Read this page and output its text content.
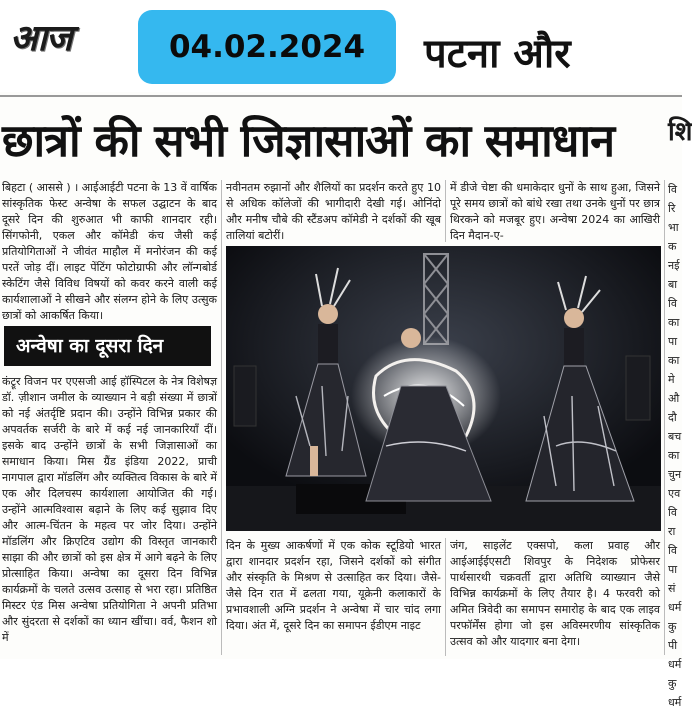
आज	04.02.2024	पटना और
छात्रों की सभी जिज्ञासाओं का समाधान	शि

बिहटा ( आससे ) । आईआईटी पटना के 13 वें वार्षिक सांस्कृतिक फेस्ट अन्वेषा के सफल उद्घाटन के बाद दूसरे दिन की शुरुआत भी काफी शानदार रही। सिंगफोनी, एकल और कॉमेडी कंच जैसी कई प्रतियोगिताओं ने जीवंत माहौल में मनोरंजन की कई परतें जोड़ दीं। लाइट पेंटिंग फोटोग्राफी और लॉन्गबोर्ड स्केटिंग जैसे विविध विषयों को कवर करने वाली कई कार्यशालाओं ने सीखने और संलग्न होने के लिए उत्सुक छात्रों को आकर्षित किया।

कंट्रूर विजन पर एएसजी आई हॉस्पिटल के नेत्र विशेषज्ञ डॉ. ज़ीशान जमील के व्याख्यान ने बड़ी संख्या में छात्रों को नई अंतर्दृष्टि प्रदान की। उन्होंने विभिन्न प्रकार की अपवर्तक सर्जरी के बारे में कई नई जानकारियाँ दीं। इसके बाद उन्होंने छात्रों के सभी जिज्ञासाओं का समाधान किया। मिस ग्रैंड इंडिया 2022, प्राची नागपाल द्वारा मॉडलिंग और व्यक्तित्व विकास के बारे में एक और दिलचस्प कार्यशाला आयोजित की गई। उन्होंने आत्मविश्वास बढ़ाने के लिए कई सुझाव दिए और आत्म-चिंतन के महत्व पर जोर दिया। उन्होंने मॉडलिंग और क्रिएटिव उद्योग की विस्तृत जानकारी साझा की और छात्रों को इस क्षेत्र में आगे बढ़ने के लिए प्रोत्साहित किया। अन्वेषा का दूसरा दिन विभिन्न कार्यक्रमों के चलते उत्सव उत्साह से भरा रहा। प्रतिष्ठित मिस्टर एंड मिस अन्वेषा प्रतियोगिता ने अपनी प्रतिभा और सुंदरता से दर्शकों का ध्यान खींचा। वर्व, फैशन शो में

अन्वेषा का दूसरा दिन
नवीनतम रुझानों और शैलियों का प्रदर्शन करते हुए 10 से अधिक कॉलेजों की भागीदारी देखी गई। ओनिंदो और मनीष चौबे की स्टैंडअप कॉमेडी ने दर्शकों की खूब तालियां बटोरीं।
में डीजे चेष्टा की धमाकेदार धुनों के साथ हुआ, जिसने पूरे समय छात्रों को बांधे रखा तथा उनके धुनों पर छात्र थिरकने को मजबूर हुए। अन्वेषा 2024 का आखिरी दिन मैदान-ए-
दिन के मुख्य आकर्षणों में एक कोक स्टूडियो भारत द्वारा शानदार प्रदर्शन रहा, जिसने दर्शकों को संगीत और संस्कृति के मिश्रण से उत्साहित कर दिया। जैसे-जैसे दिन रात में ढलता गया, यूक्रेनी कलाकारों के प्रभावशाली अग्नि प्रदर्शन ने अन्वेषा में चार चांद लगा दिया। अंत में, दूसरे दिन का समापन ईडीएम नाइट
जंग, साइलेंट एक्सपो, कला प्रवाह और आईआईईएसटी शिवपुर के निदेशक प्रोफेसर पार्थसारथी चक्रवर्ती द्वारा अतिथि व्याख्यान जैसे विभिन्न कार्यक्रमों के लिए तैयार है। 4 फरवरी को अमित त्रिवेदी का समापन समारोह के बाद एक लाइव परफॉर्मेंस होगा जो इस अविस्मरणीय सांस्कृतिक उत्सव को और यादगार बना देगा।
वि
रि
भा
क
नई
बा
वि
का
पा
का
मे
औ
दौ
बच
का
चुन
एव
वि
रा
वि
पा
सं
धर्म
कु
पी
धर्म
कु
धर्म
